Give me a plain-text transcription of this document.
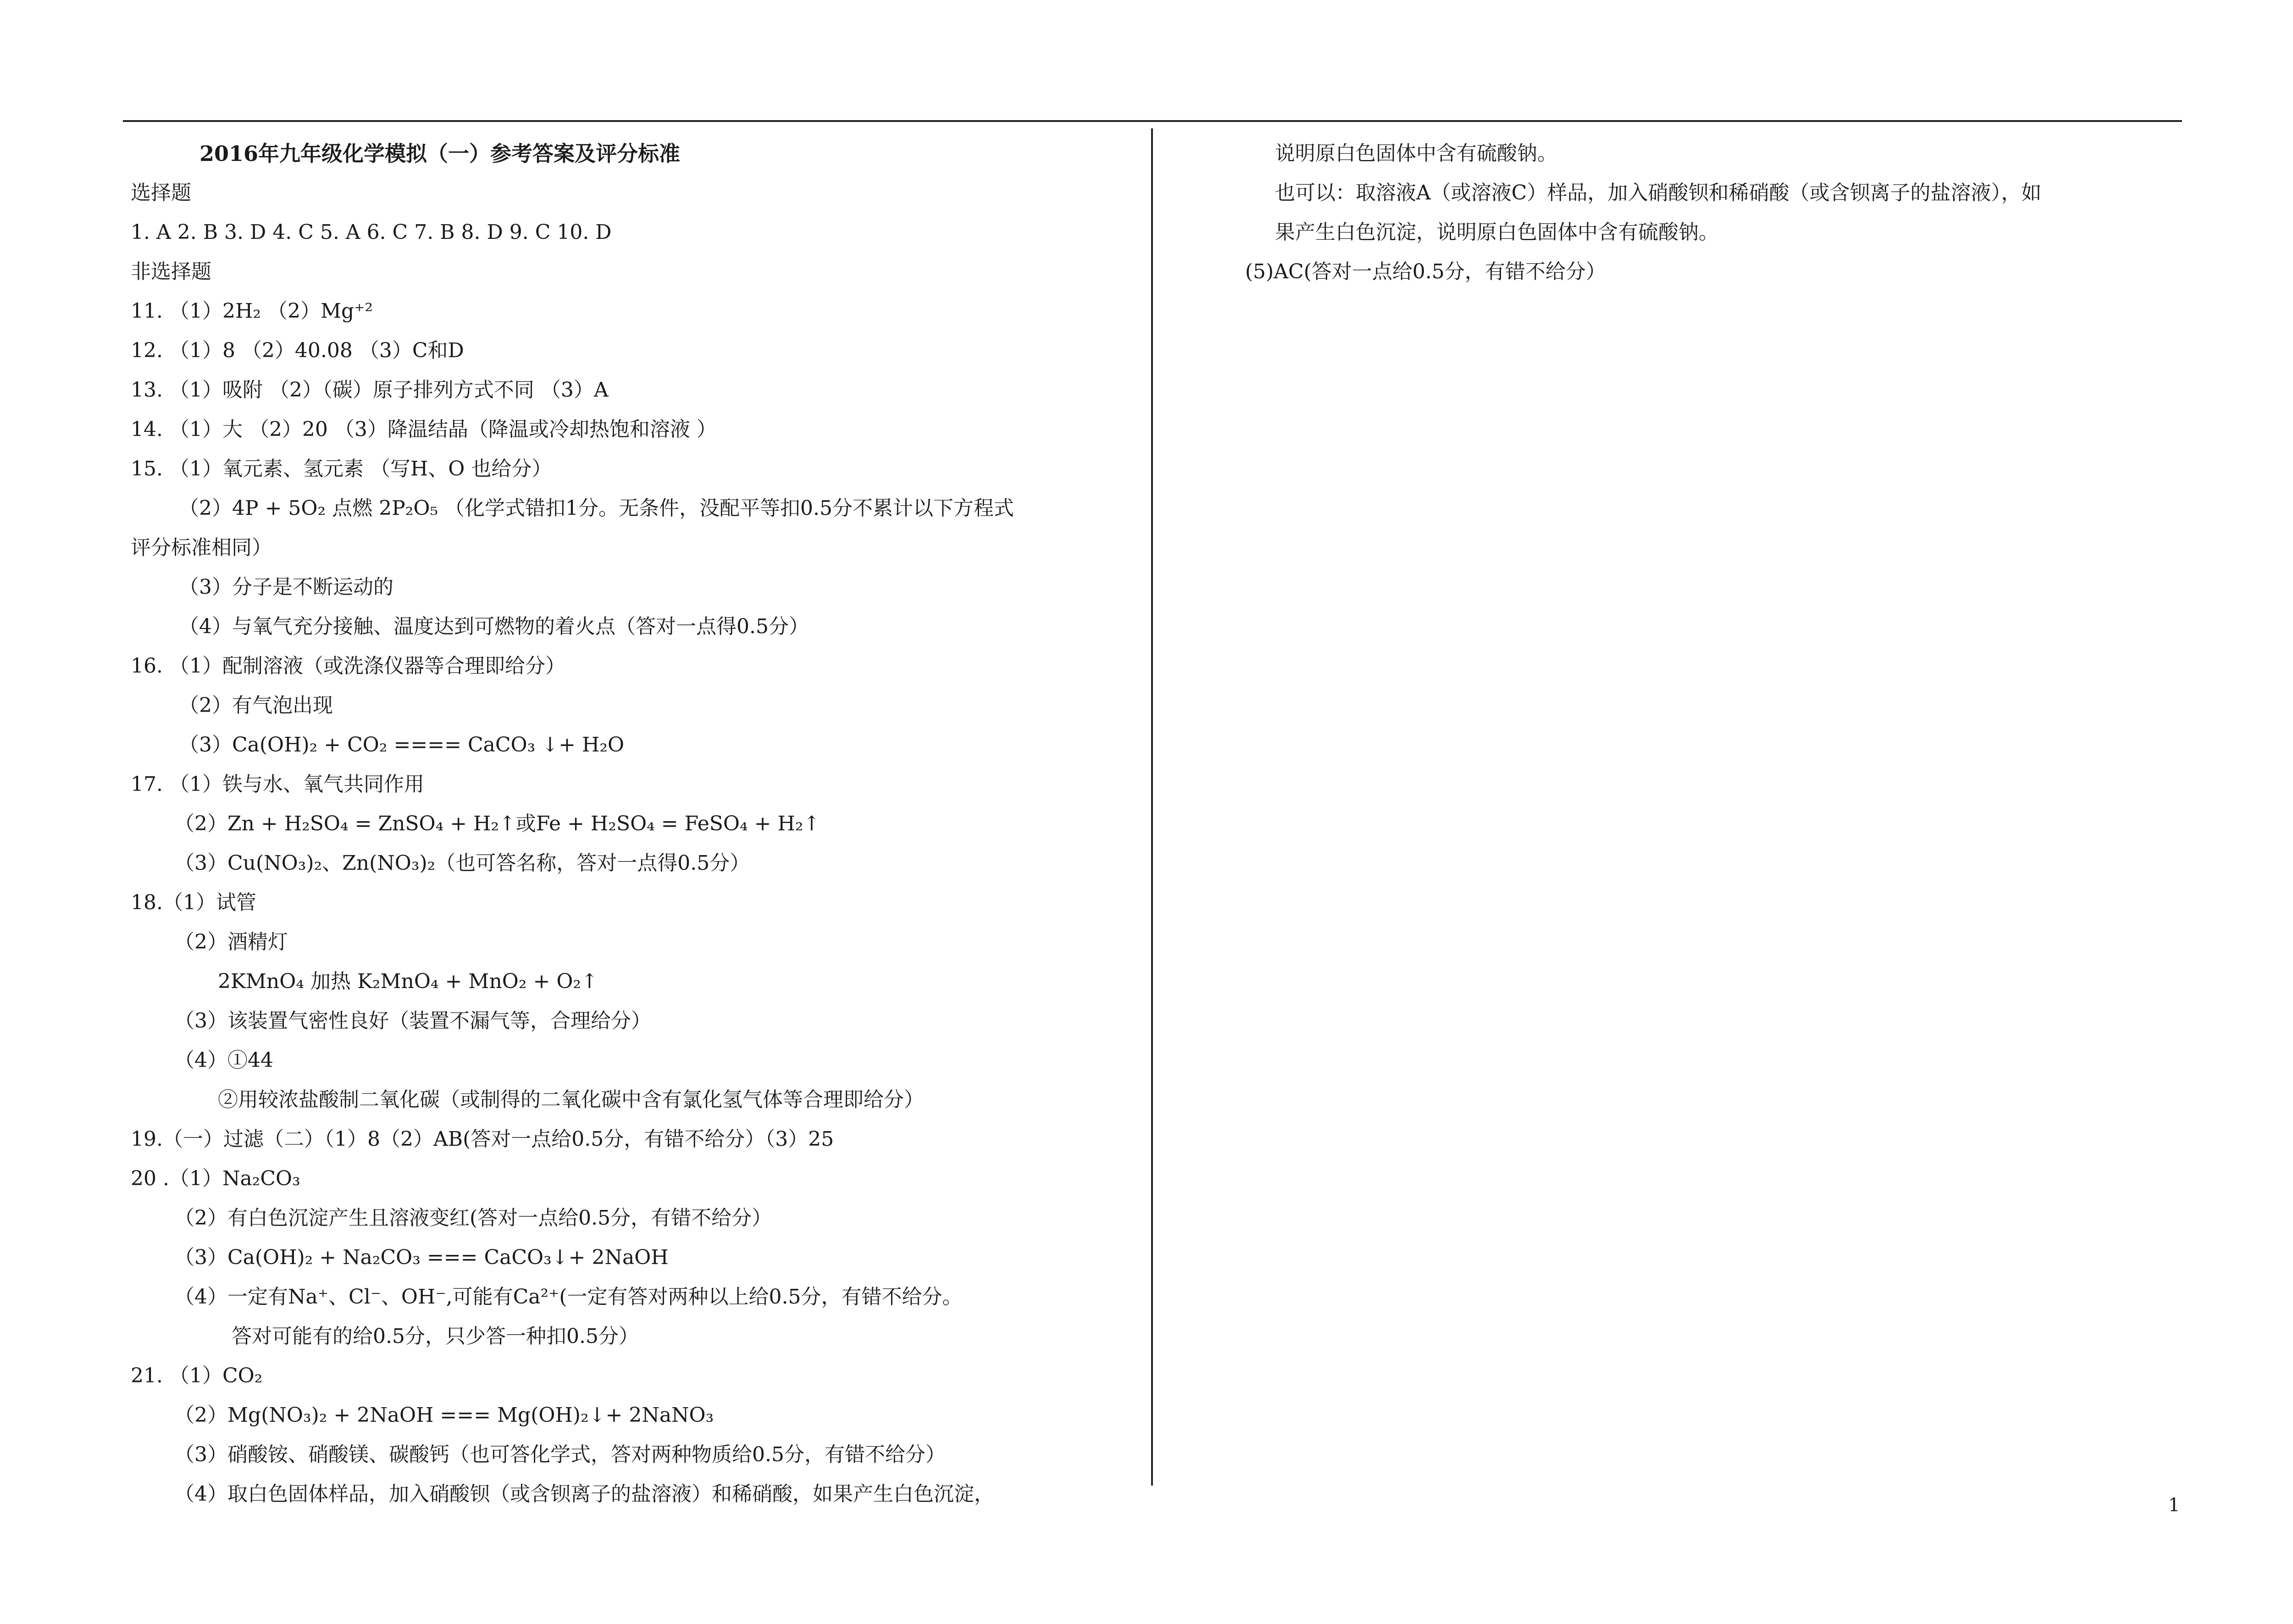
2016年九年级化学模拟（一）参考答案及评分标准
选择题
1. A 2. B 3. D 4. C 5. A 6. C 7. B 8. D 9. C 10. D
非选择题
11. （1）2H₂ （2）Mg⁺²
12. （1）8 （2）40.08 （3）C和D
13. （1）吸附 （2）（碳）原子排列方式不同 （3）A
14. （1）大 （2）20 （3）降温结晶（降温或冷却热饱和溶液 ）
15. （1）氧元素、氢元素 （写H、O 也给分）
（2）4P + 5O₂ 点燃 2P₂O₅ （化学式错扣1分。无条件，没配平等扣0.5分不累计以下方程式
评分标准相同）
（3）分子是不断运动的
（4）与氧气充分接触、温度达到可燃物的着火点（答对一点得0.5分）
16. （1）配制溶液（或洗涤仪器等合理即给分）
（2）有气泡出现
（3）Ca(OH)₂ + CO₂ ==== CaCO₃ ↓+ H₂O
17. （1）铁与水、氧气共同作用
（2）Zn + H₂SO₄ = ZnSO₄ + H₂↑或Fe + H₂SO₄ = FeSO₄ + H₂↑
（3）Cu(NO₃)₂、Zn(NO₃)₂（也可答名称，答对一点得0.5分）
18.（1）试管
（2）酒精灯
2KMnO₄ 加热 K₂MnO₄ + MnO₂ + O₂↑
（3）该装置气密性良好（装置不漏气等，合理给分）
（4）①44
②用较浓盐酸制二氧化碳（或制得的二氧化碳中含有氯化氢气体等合理即给分）
19.（一）过滤（二）（1）8（2）AB(答对一点给0.5分，有错不给分）（3）25
20 .（1）Na₂CO₃
（2）有白色沉淀产生且溶液变红(答对一点给0.5分，有错不给分）
（3）Ca(OH)₂ + Na₂CO₃ === CaCO₃↓+ 2NaOH
（4）一定有Na⁺、Cl⁻、OH⁻,可能有Ca²⁺(一定有答对两种以上给0.5分，有错不给分。
答对可能有的给0.5分，只少答一种扣0.5分）
21. （1）CO₂
（2）Mg(NO₃)₂ + 2NaOH === Mg(OH)₂↓+ 2NaNO₃
（3）硝酸铵、硝酸镁、碳酸钙（也可答化学式，答对两种物质给0.5分，有错不给分）
（4）取白色固体样品，加入硝酸钡（或含钡离子的盐溶液）和稀硝酸，如果产生白色沉淀，
说明原白色固体中含有硫酸钠。
也可以：取溶液A（或溶液C）样品，加入硝酸钡和稀硝酸（或含钡离子的盐溶液），如
果产生白色沉淀，说明原白色固体中含有硫酸钠。
(5)AC(答对一点给0.5分，有错不给分）
1
